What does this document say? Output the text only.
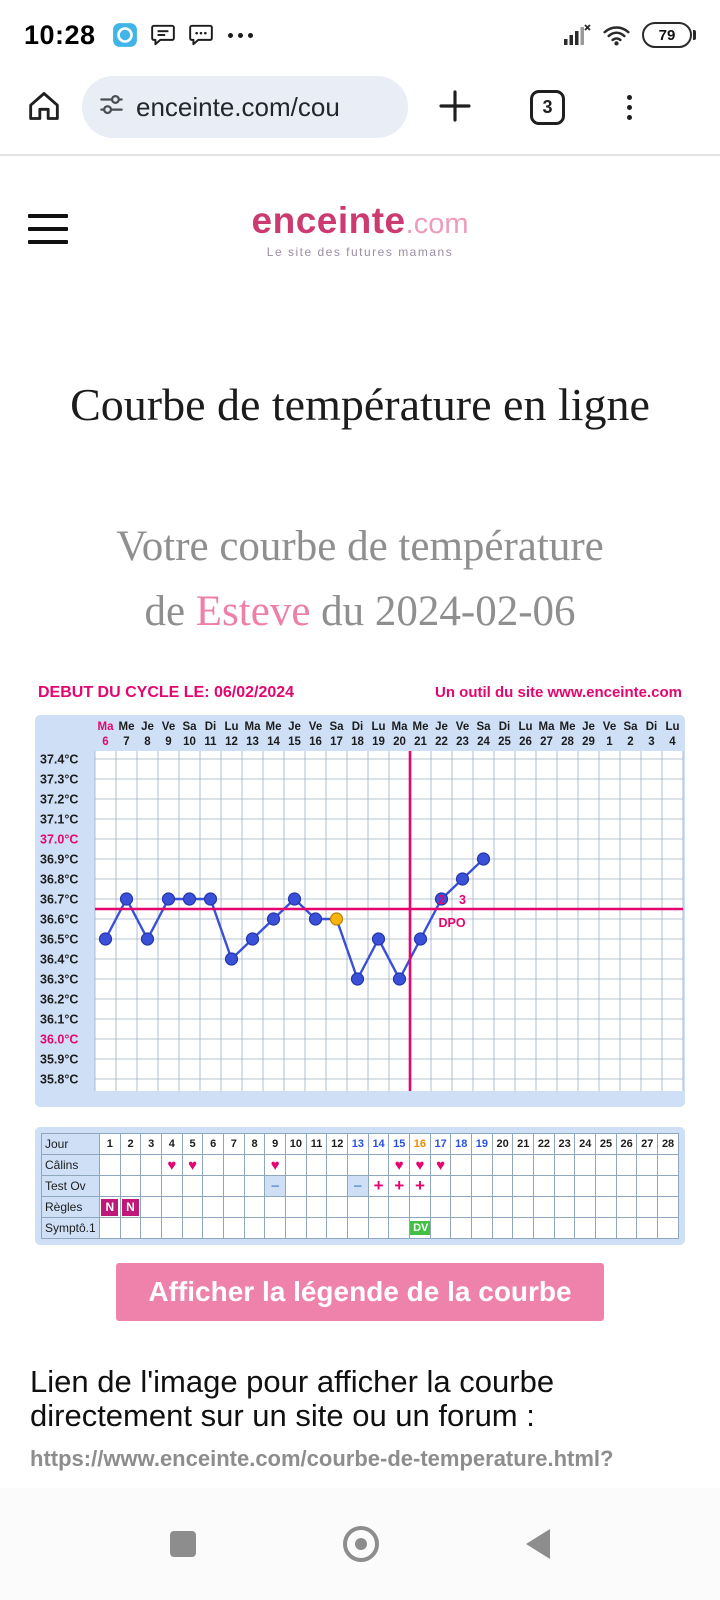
10:28	79
enceinte.com/cou	3
enceinte.com
Le site des futures mamans
Courbe de température en ligne
Votre courbe de température
de Esteve du 2024-02-06
DEBUT DU CYCLE LE: 06/02/2024	Un outil du site www.enceinte.com
37.4°C
37.3°C
37.2°C
37.1°C
37.0°C
36.9°C
36.8°C
36.7°C
36.6°C
36.5°C
36.4°C
36.3°C
36.2°C
36.1°C
36.0°C
35.9°C
35.8°C
Ma
6
Me
7
Je
8
Ve
9
Sa
10
Di
11
Lu
12
Ma
13
Me
14
Je
15
Ve
16
Sa
17
Di
18
Lu
19
Ma
20
Me
21
Je
22
Ve
23
Sa
24
Di
25
Lu
26
Ma
27
Me
28
Je
29
Ve
1
Sa
2
Di
3
Lu
4
2 3
DPO
Jour	1	2	3	4	5	6	7	8	9	10	11	12	13	14	15	16	17	18	19	20	21	22	23	24	25	26	27	28
Câlins				♥	♥				♥						♥	♥	♥											
Test Ov									−				−	+	+	+												
Règles	N	N																										
Symptô.1																DV												
Afficher la légende de la courbe

Lien de l'image pour afficher la courbe directement sur un site ou un forum :

https://www.enceinte.com/courbe-de-temperature.html?
